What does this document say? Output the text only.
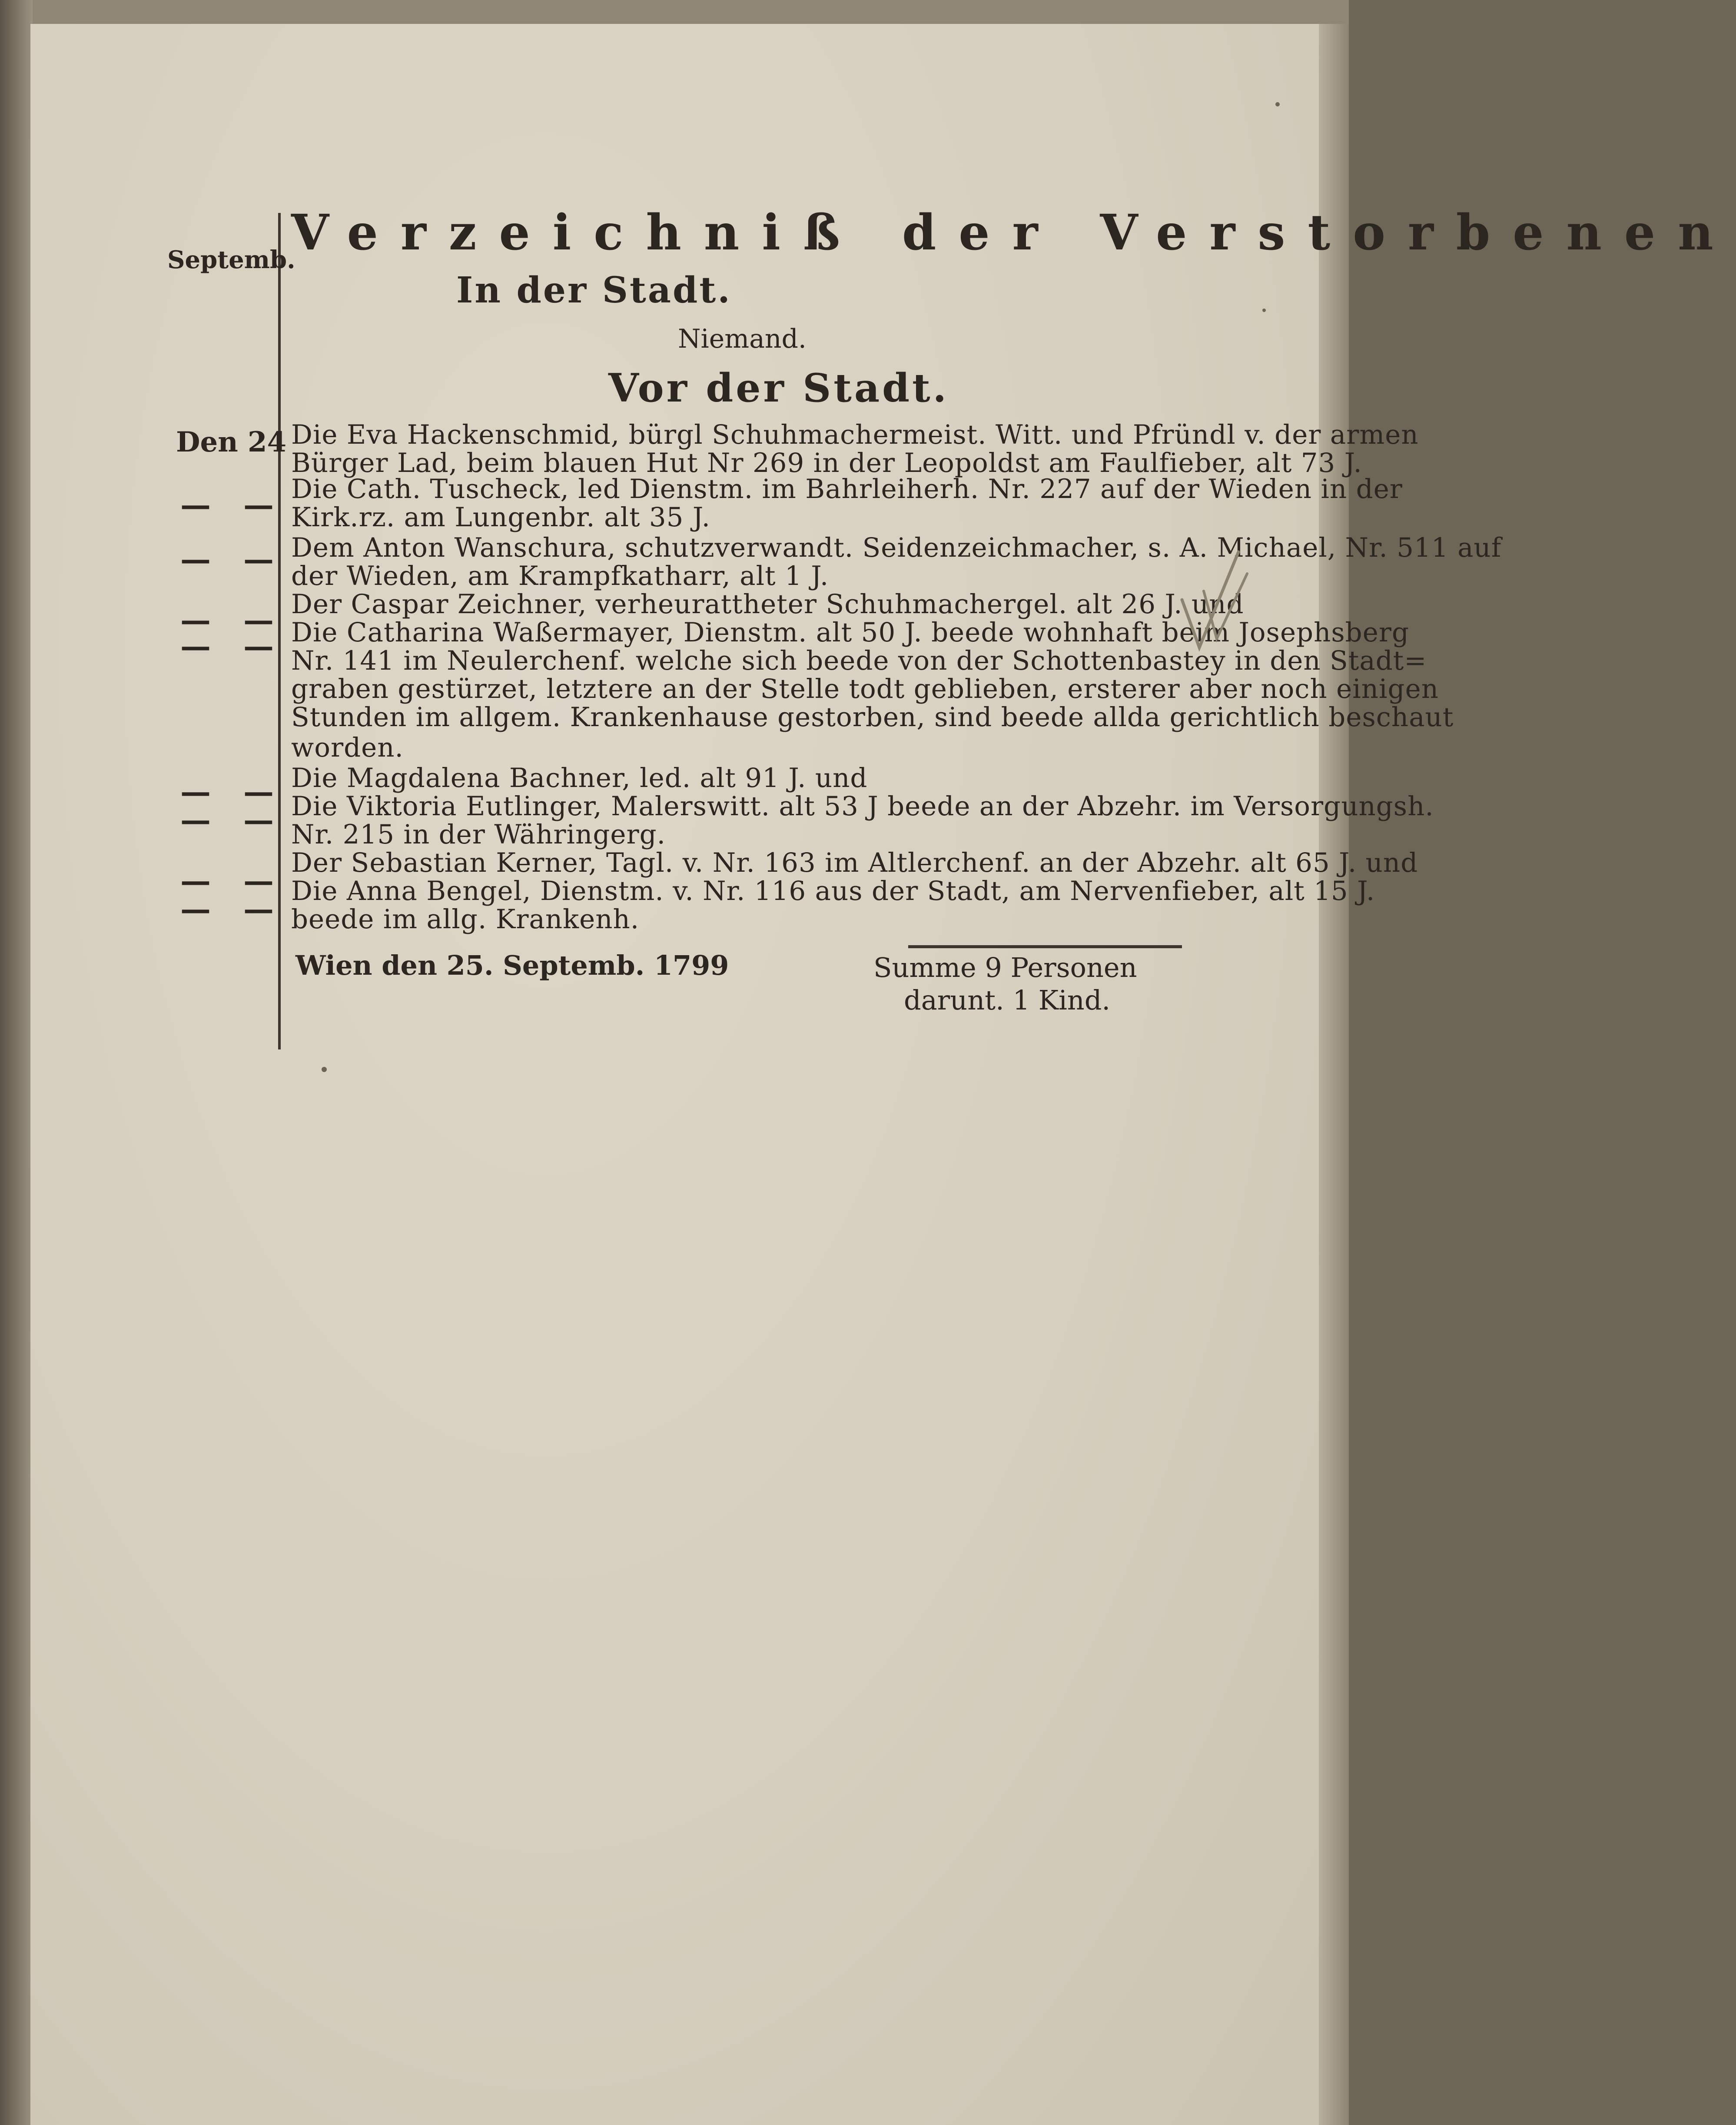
Septemb.
Verzeichniß der Verstorbenen
In der Stadt.
Niemand.
Vor der Stadt.
Den 24
— —
— —
— —
— —
— —
— —
— —
— —
Die Eva Hackenschmid, bürgl Schuhmachermeist. Witt. und Pfründl v. der armen
Bürger Lad, beim blauen Hut Nr 269 in der Leopoldst am Faulfieber, alt 73 J.
Die Cath. Tuscheck, led Dienstm. im Bahrleiherh. Nr. 227 auf der Wieden in der
Kirk.rz. am Lungenbr. alt 35 J.
Dem Anton Wanschura, schutzverwandt. Seidenzeichmacher, s. A. Michael, Nr. 511 auf
der Wieden, am Krampfkatharr, alt 1 J.
Der Caspar Zeichner, verheurattheter Schuhmachergel. alt 26 J. und
Die Catharina Waßermayer, Dienstm. alt 50 J. beede wohnhaft beim Josephsberg
Nr. 141 im Neulerchenf. welche sich beede von der Schottenbastey in den Stadt=
graben gestürzet, letztere an der Stelle todt geblieben, ersterer aber noch einigen
Stunden im allgem. Krankenhause gestorben, sind beede allda gerichtlich beschaut
worden.
Die Magdalena Bachner, led. alt 91 J. und
Die Viktoria Eutlinger, Malerswitt. alt 53 J beede an der Abzehr. im Versorgungsh.
Nr. 215 in der Währingerg.
Der Sebastian Kerner, Tagl. v. Nr. 163 im Altlerchenf. an der Abzehr. alt 65 J. und
Die Anna Bengel, Dienstm. v. Nr. 116 aus der Stadt, am Nervenfieber, alt 15 J.
beede im allg. Krankenh.
Wien den 25. Septemb. 1799	Summe 9 Personen
darunt. 1 Kind.
